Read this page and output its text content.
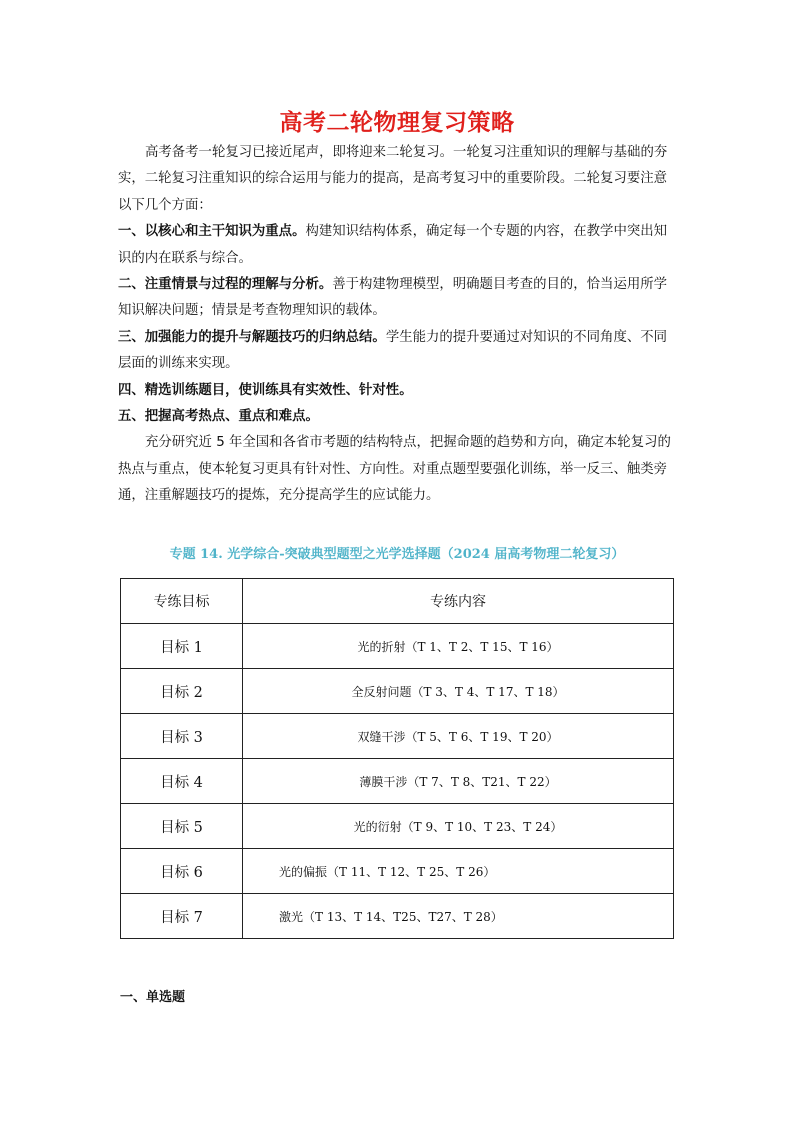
高考二轮物理复习策略

高考备考一轮复习已接近尾声，即将迎来二轮复习。一轮复习注重知识的理解与基础的夯实，二轮复习注重知识的综合运用与能力的提高，是高考复习中的重要阶段。二轮复习要注意以下几个方面：

一、以核心和主干知识为重点。构建知识结构体系，确定每一个专题的内容，在教学中突出知识的内在联系与综合。

二、注重情景与过程的理解与分析。善于构建物理模型，明确题目考查的目的，恰当运用所学知识解决问题；情景是考查物理知识的载体。

三、加强能力的提升与解题技巧的归纳总结。学生能力的提升要通过对知识的不同角度、不同层面的训练来实现。

四、精选训练题目，使训练具有实效性、针对性。

五、把握高考热点、重点和难点。

充分研究近 5 年全国和各省市考题的结构特点，把握命题的趋势和方向，确定本轮复习的热点与重点，使本轮复习更具有针对性、方向性。对重点题型要强化训练，举一反三、触类旁通，注重解题技巧的提炼，充分提高学生的应试能力。

专题 14. 光学综合-突破典型题型之光学选择题（2024 届高考物理二轮复习）
专练目标	专练内容
目标 1	光的折射（T 1、T 2、T 15、T 16）
目标 2	全反射问题（T 3、T 4、T 17、T 18）
目标 3	双缝干涉（T 5、T 6、T 19、T 20）
目标 4	薄膜干涉（T 7、T 8、T21、T 22）
目标 5	光的衍射（T 9、T 10、T 23、T 24）
目标 6	光的偏振（T 11、T 12、T 25、T 26）
目标 7	激光（T 13、T 14、T25、T27、T 28）
一、单选题
